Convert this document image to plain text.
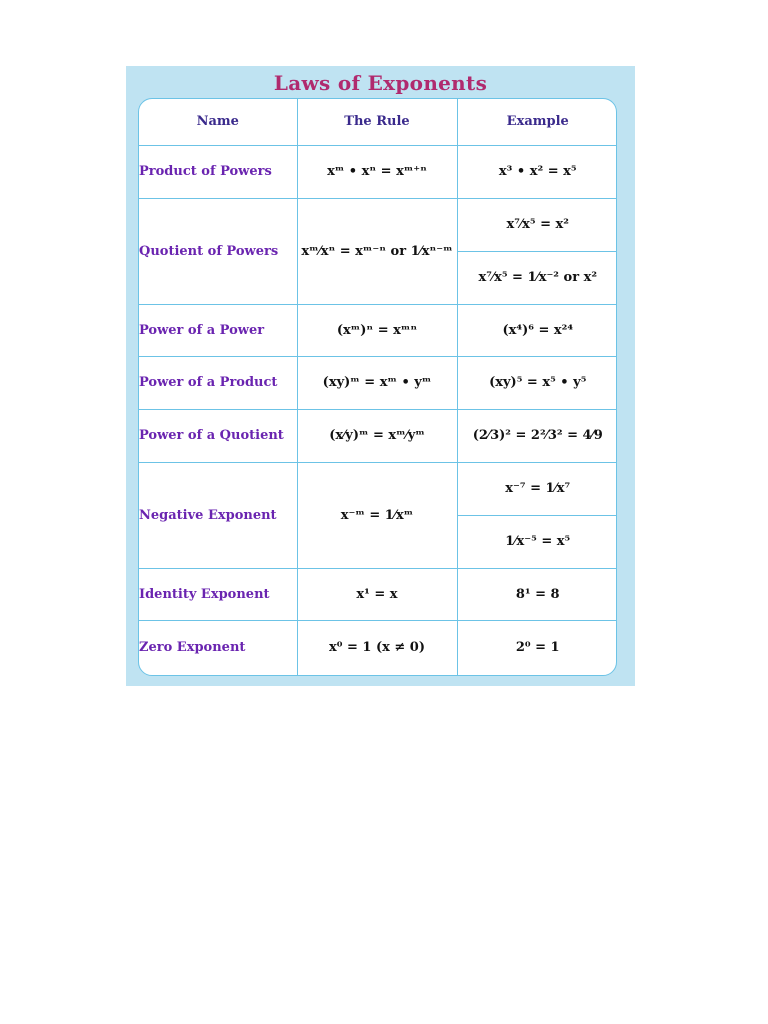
Laws of Exponents
Name	The Rule	Example
Product of Powers	xᵐ • xⁿ = xᵐ⁺ⁿ	x³ • x² = x⁵
Quotient of Powers	xᵐ⁄xⁿ = xᵐ⁻ⁿ or 1⁄xⁿ⁻ᵐ	x⁷⁄x⁵ = x²
x⁷⁄x⁵ = 1⁄x⁻² or x²

Power of a Power	(xᵐ)ⁿ = xᵐⁿ	(x⁴)⁶ = x²⁴
Power of a Product	(xy)ᵐ = xᵐ • yᵐ	(xy)⁵ = x⁵ • y⁵
Power of a Quotient	(x⁄y)ᵐ = xᵐ⁄yᵐ	(2⁄3)² = 2²⁄3² = 4⁄9
Negative Exponent	x⁻ᵐ = 1⁄xᵐ	x⁻⁷ = 1⁄x⁷
1⁄x⁻⁵ = x⁵

Identity Exponent	x¹ = x	8¹ = 8
Zero Exponent	x⁰ = 1 (x ≠ 0)	2⁰ = 1
